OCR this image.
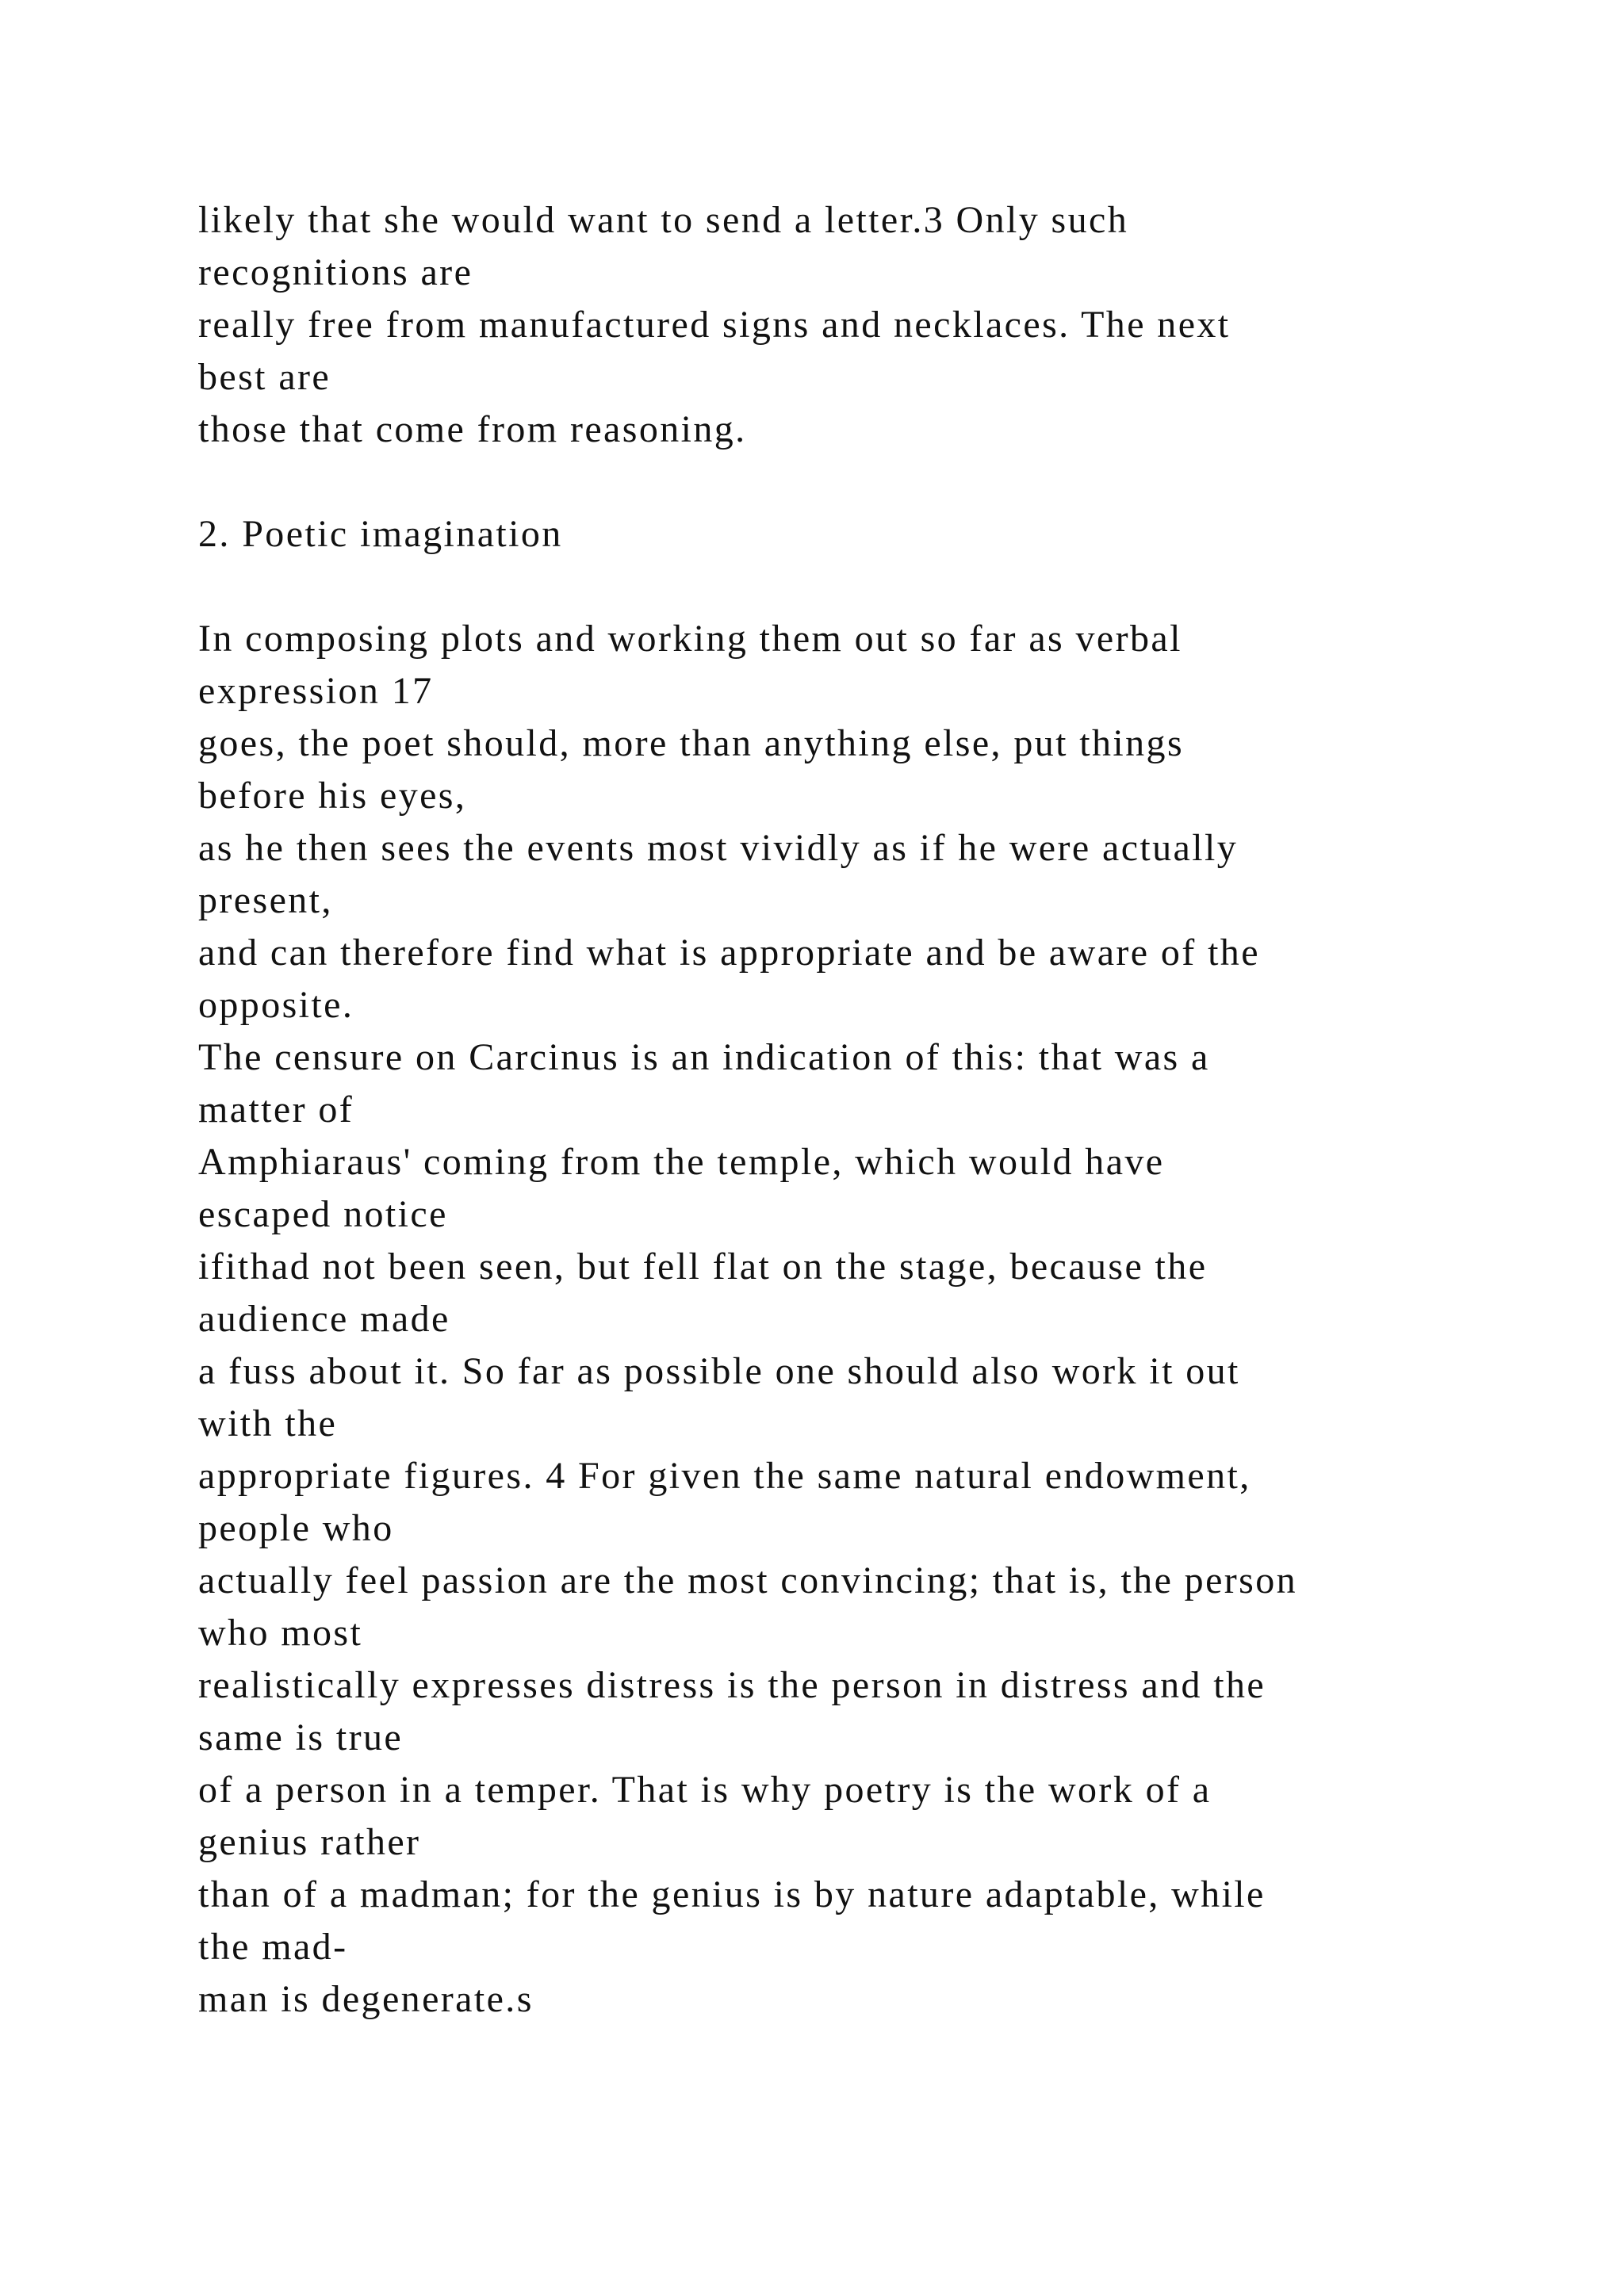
likely that she would want to send a letter.3 Only such
recognitions are
really free from manufactured signs and necklaces. The next
best are
those that come from reasoning.
2. Poetic imagination
In composing plots and working them out so far as verbal
expression 17
goes, the poet should, more than anything else, put things
before his eyes,
as he then sees the events most vividly as if he were actually
present,
and can therefore find what is appropriate and be aware of the
opposite.
The censure on Carcinus is an indication of this: that was a
matter of
Amphiaraus' coming from the temple, which would have
escaped notice
ifithad not been seen, but fell flat on the stage, because the
audience made
a fuss about it. So far as possible one should also work it out
with the
appropriate figures. 4 For given the same natural endowment,
people who
actually feel passion are the most convincing; that is, the person
who most
realistically expresses distress is the person in distress and the
same is true
of a person in a temper. That is why poetry is the work of a
genius rather
than of a madman; for the genius is by nature adaptable, while
the mad-
man is degenerate.s
